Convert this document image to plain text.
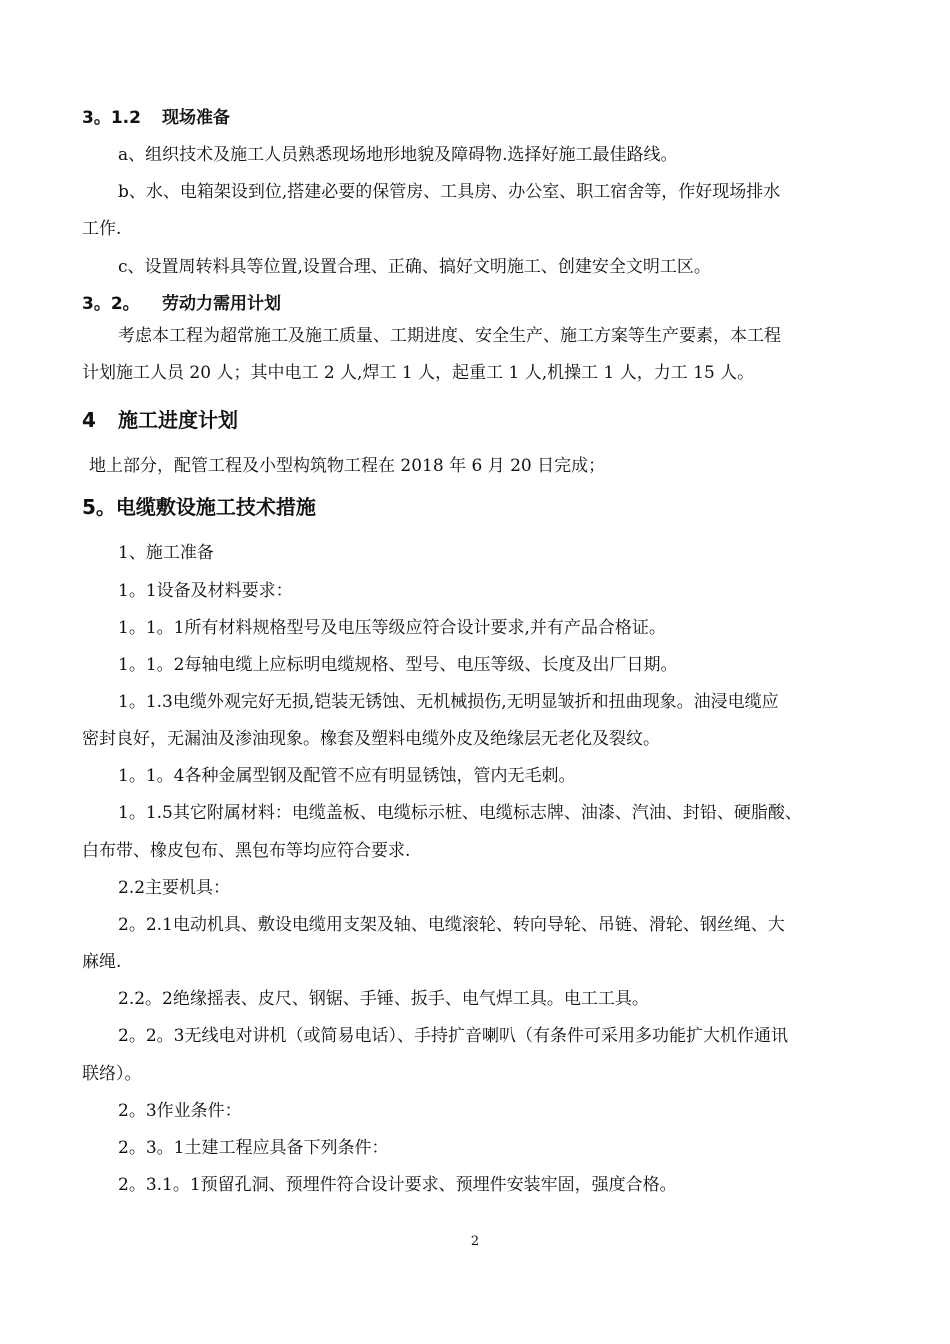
3。1.2 现场准备
a、组织技术及施工人员熟悉现场地形地貌及障碍物.选择好施工最佳路线。
b、水、电箱架设到位,搭建必要的保管房、工具房、办公室、职工宿舍等，作好现场排水
工作.
c、设置周转料具等位置,设置合理、正确、搞好文明施工、创建安全文明工区。
3。2。 劳动力需用计划
考虑本工程为超常施工及施工质量、工期进度、安全生产、施工方案等生产要素，本工程
计划施工人员 20 人；其中电工 2 人,焊工 1 人，起重工 1 人,机操工 1 人，力工 15 人。
4 施工进度计划
地上部分，配管工程及小型构筑物工程在 2018 年 6 月 20 日完成；
5。电缆敷设施工技术措施
1、施工准备
1。1设备及材料要求：
1。1。1所有材料规格型号及电压等级应符合设计要求,并有产品合格证。
1。1。2每轴电缆上应标明电缆规格、型号、电压等级、长度及出厂日期。
1。1.3电缆外观完好无损,铠装无锈蚀、无机械损伤,无明显皱折和扭曲现象。油浸电缆应
密封良好，无漏油及渗油现象。橡套及塑料电缆外皮及绝缘层无老化及裂纹。
1。1。4各种金属型钢及配管不应有明显锈蚀，管内无毛刺。
1。1.5其它附属材料：电缆盖板、电缆标示桩、电缆标志牌、油漆、汽油、封铅、硬脂酸、
白布带、橡皮包布、黑包布等均应符合要求.
2.2主要机具：
2。2.1电动机具、敷设电缆用支架及轴、电缆滚轮、转向导轮、吊链、滑轮、钢丝绳、大
麻绳.
2.2。2绝缘摇表、皮尺、钢锯、手锤、扳手、电气焊工具。电工工具。
2。2。3无线电对讲机（或简易电话）、手持扩音喇叭（有条件可采用多功能扩大机作通讯
联络）。
2。3作业条件：
2。3。1土建工程应具备下列条件：
2。3.1。1预留孔洞、预埋件符合设计要求、预埋件安装牢固，强度合格。
2
